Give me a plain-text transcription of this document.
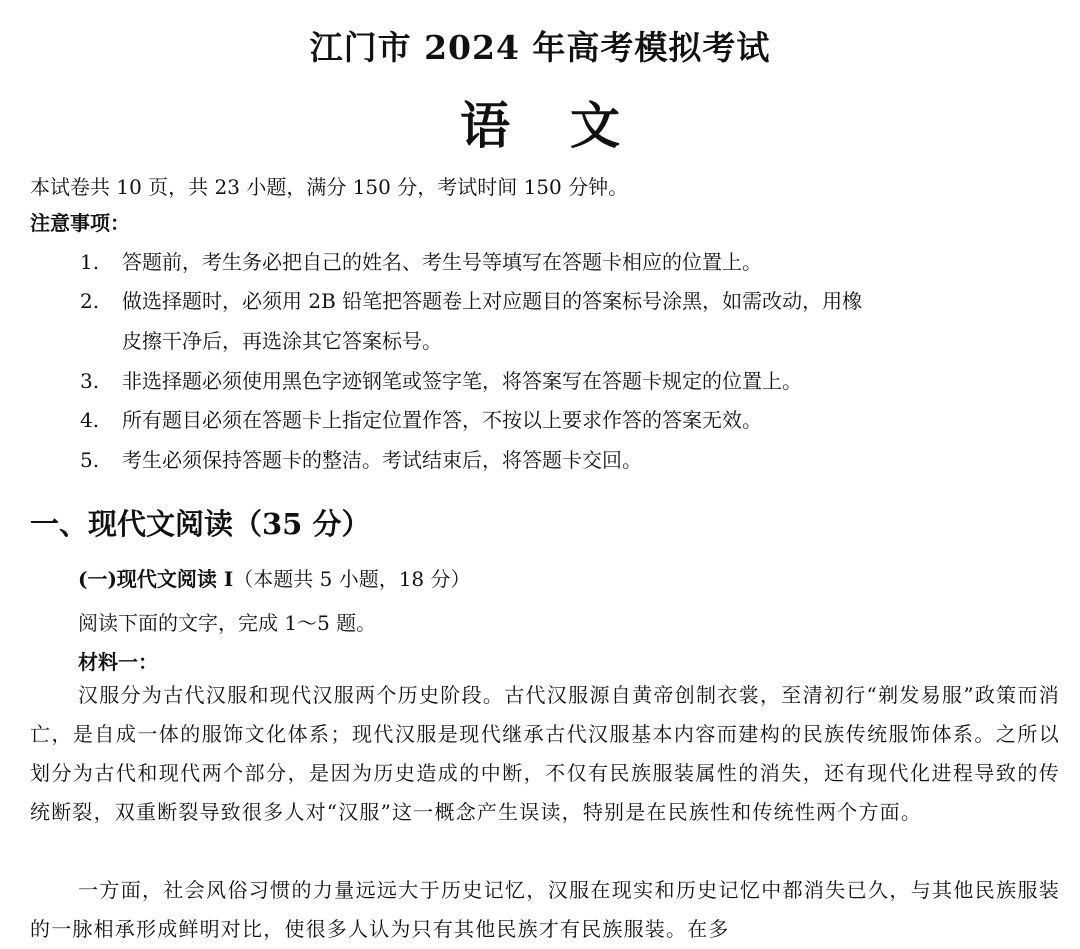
江门市 2024 年高考模拟考试
语文
本试卷共 10 页，共 23 小题，满分 150 分，考试时间 150 分钟。
注意事项：
1. 答题前，考生务必把自己的姓名、考生号等填写在答题卡相应的位置上。
2. 做选择题时，必须用 2B 铅笔把答题卷上对应题目的答案标号涂黑，如需改动，用橡
皮擦干净后，再选涂其它答案标号。
3. 非选择题必须使用黑色字迹钢笔或签字笔，将答案写在答题卡规定的位置上。
4. 所有题目必须在答题卡上指定位置作答，不按以上要求作答的答案无效。
5. 考生必须保持答题卡的整洁。考试结束后，将答题卡交回。
一、现代文阅读（35 分）
(一)现代文阅读 I（本题共 5 小题，18 分）
阅读下面的文字，完成 1～5 题。
材料一：
汉服分为古代汉服和现代汉服两个历史阶段。古代汉服源自黄帝创制衣裳，至清初行“剃发易服”政策而消亡，是自成一体的服饰文化体系；现代汉服是现代继承古代汉服基本内容而建构的民族传统服饰体系。之所以划分为古代和现代两个部分，是因为历史造成的中断，不仅有民族服装属性的消失，还有现代化进程导致的传统断裂，双重断裂导致很多人对“汉服”这一概念产生误读，特别是在民族性和传统性两个方面。
一方面，社会风俗习惯的力量远远大于历史记忆，汉服在现实和历史记忆中都消失已久，与其他民族服装的一脉相承形成鲜明对比，使很多人认为只有其他民族才有民族服装。在多
